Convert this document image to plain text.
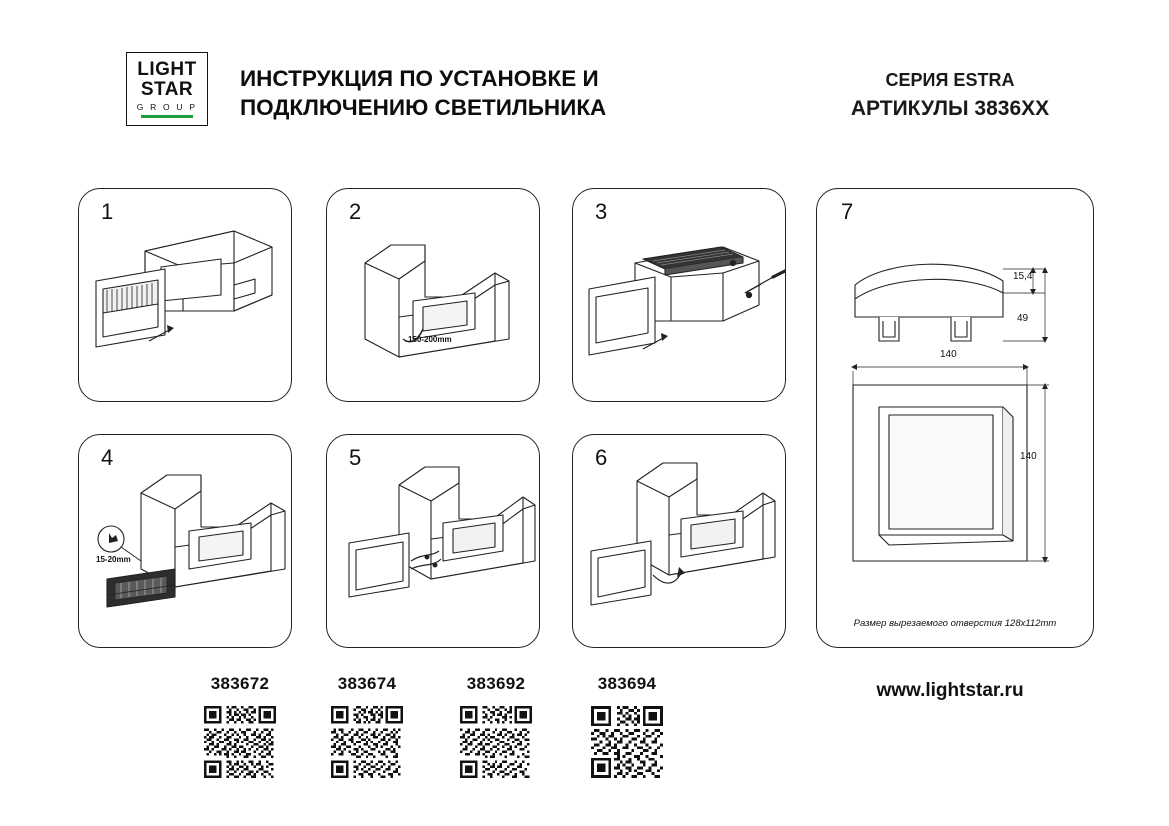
LIGHT
STAR
G R O U P
ИНСТРУКЦИЯ ПО УСТАНОВКЕ И ПОДКЛЮЧЕНИЮ СВЕТИЛЬНИКА
СЕРИЯ ESTRA
АРТИКУЛЫ 3836XX
1	2
150-200mm
3
4
15-20mm
5	6
7
15,4
49
140
140
Размер вырезаемого отверстия 128x112mm
383672	383674	383692	383694	www.lightstar.ru
